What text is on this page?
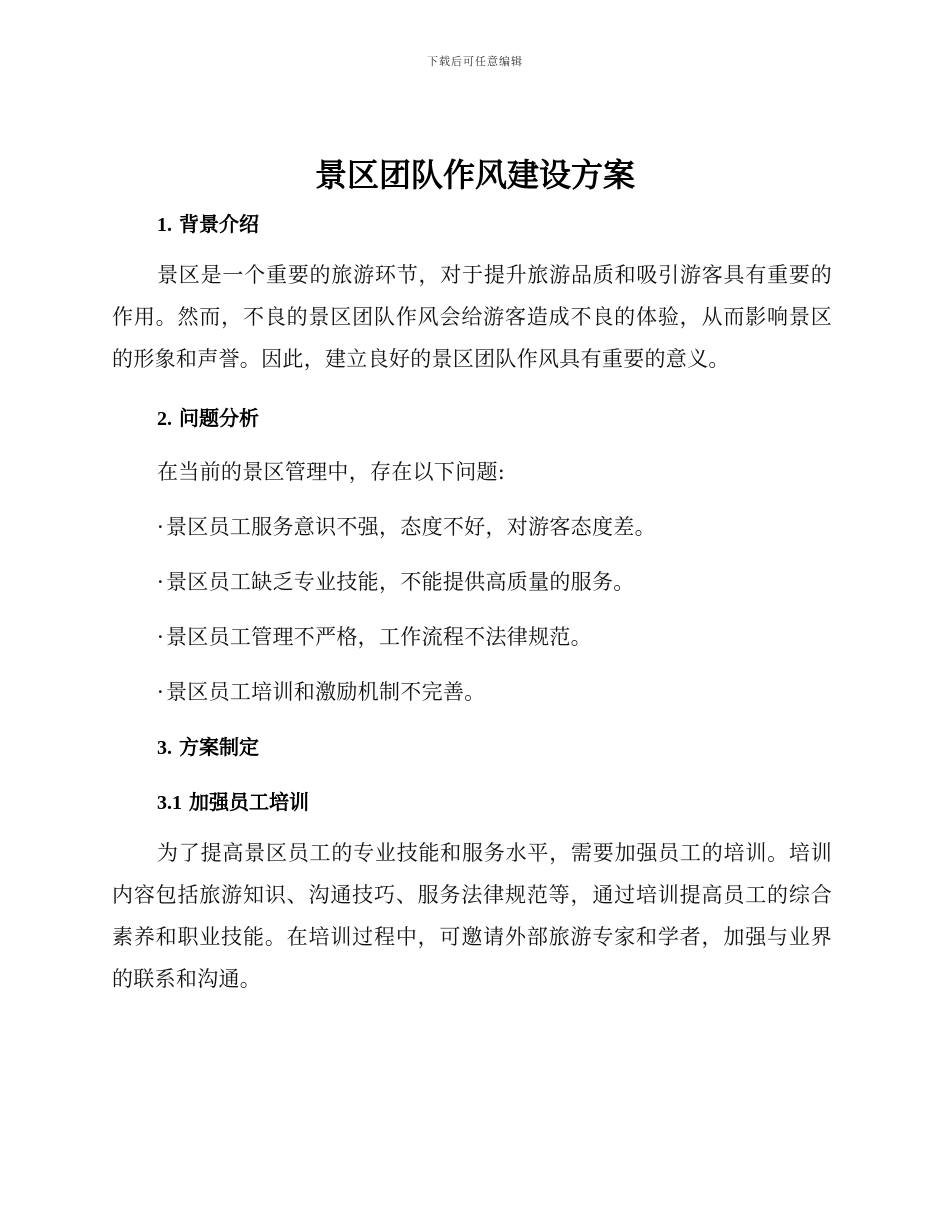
下载后可任意编辑
景区团队作风建设方案
1. 背景介绍

景区是一个重要的旅游环节，对于提升旅游品质和吸引游客具有重要的作用。然而，不良的景区团队作风会给游客造成不良的体验，从而影响景区的形象和声誉。因此，建立良好的景区团队作风具有重要的意义。

2. 问题分析

在当前的景区管理中，存在以下问题:

·景区员工服务意识不强，态度不好，对游客态度差。

·景区员工缺乏专业技能，不能提供高质量的服务。

·景区员工管理不严格，工作流程不法律规范。

·景区员工培训和激励机制不完善。

3. 方案制定
3.1 加强员工培训

为了提高景区员工的专业技能和服务水平，需要加强员工的培训。培训内容包括旅游知识、沟通技巧、服务法律规范等，通过培训提高员工的综合素养和职业技能。在培训过程中，可邀请外部旅游专家和学者，加强与业界的联系和沟通。
